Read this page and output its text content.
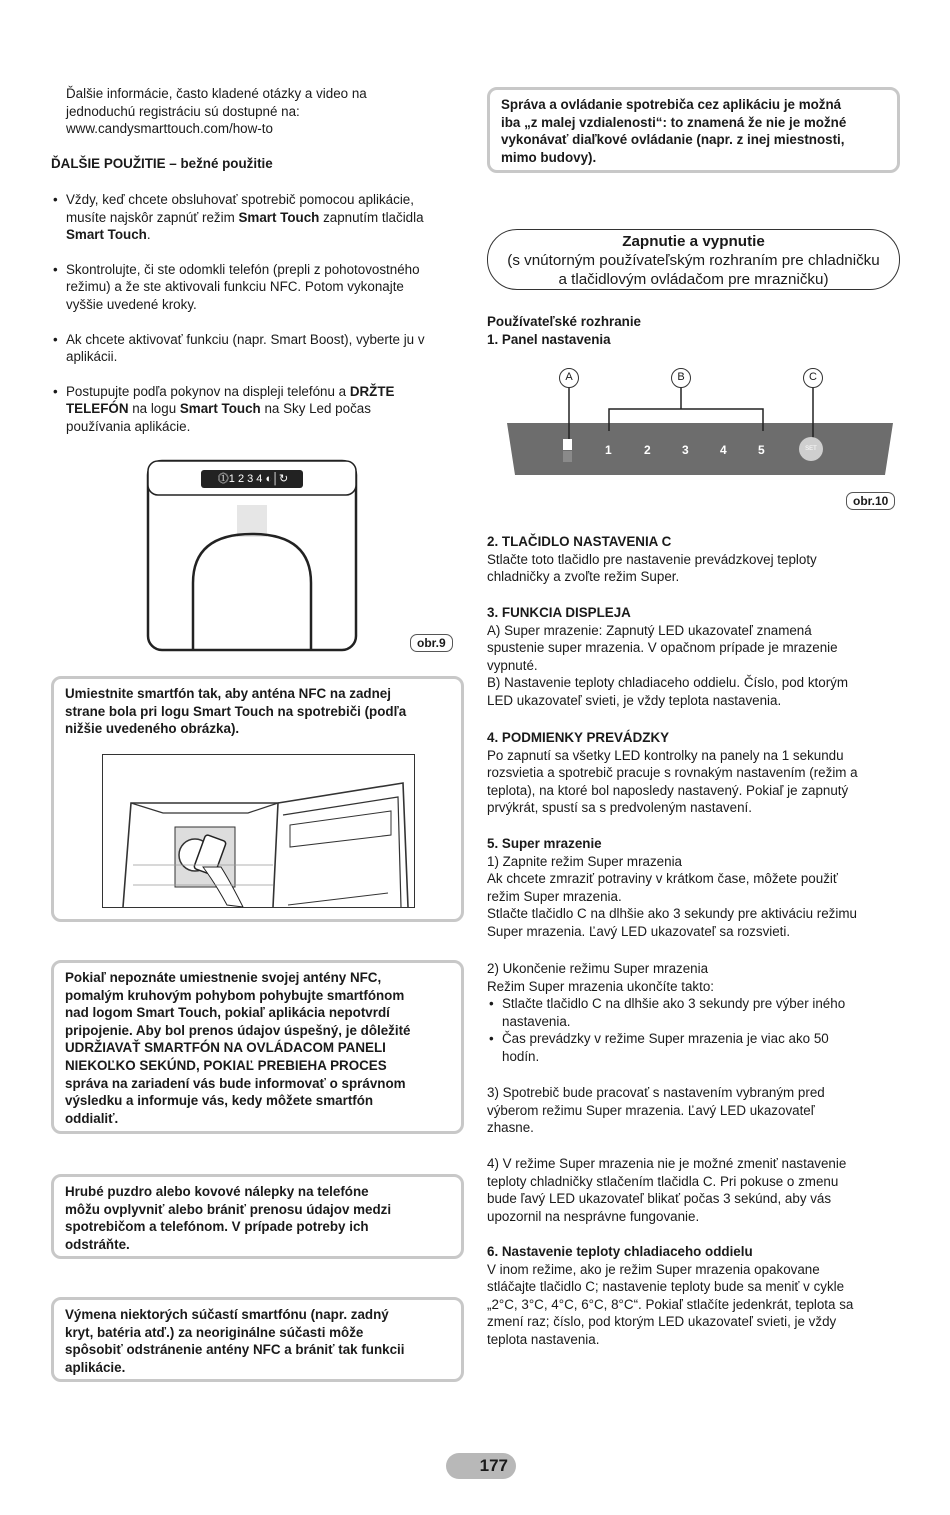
Ďalšie informácie, často kladené otázky a video na

jednoduchú registráciu sú dostupné na:

www.candysmarttouch.com/how-to

ĎALŠIE POUŽITIE – bežné použitie
• Vždy, keď chcete obsluhovať spotrebič pomocou aplikácie,
musíte najskôr zapnúť režim Smart Touch zapnutím tlačidla
Smart Touch.
• Skontrolujte, či ste odomkli telefón (prepli z pohotovostného
režimu) a že ste aktivovali funkciu NFC. Potom vykonajte
vyššie uvedené kroky.
• Ak chcete aktivovať funkciu (napr. Smart Boost), vyberte ju v
aplikácii.
• Postupujte podľa pokynov na displeji telefónu a DRŽTE
TELEFÓN na logu Smart Touch na Sky Led počas
používania aplikácie.
⓵1 2 3 4 ◐│↻
obr.9

Umiestnite smartfón tak, aby anténa NFC na zadnej

strane bola pri logu Smart Touch na spotrebiči (podľa

nižšie uvedeného obrázka).

Pokiaľ nepoznáte umiestnenie svojej antény NFC,

pomalým kruhovým pohybom pohybujte smartfónom

nad logom Smart Touch, pokiaľ aplikácia nepotvrdí

pripojenie. Aby bol prenos údajov úspešný, je dôležité

UDRŽIAVAŤ SMARTFÓN NA OVLÁDACOM PANELI

NIEKOĽKO SEKÚND, POKIAĽ PREBIEHA PROCES

správa na zariadení vás bude informovať o správnom

výsledku a informuje vás, kedy môžete smartfón

oddialiť.

Hrubé puzdro alebo kovové nálepky na telefóne

môžu ovplyvniť alebo brániť prenosu údajov medzi

spotrebičom a telefónom. V prípade potreby ich

odstráňte.

Výmena niektorých súčastí smartfónu (napr. zadný

kryt, batéria atď.) za neoriginálne súčasti môže

spôsobiť odstránenie antény NFC a brániť tak funkcii

aplikácie.

Správa a ovládanie spotrebiča cez aplikáciu je možná

iba „z malej vzdialenosti“: to znamená že nie je možné

vykonávať diaľkové ovládanie (napr. z inej miestnosti,

mimo budovy).

Zapnutie a vypnutie

(s vnútorným používateľským rozhraním pre chladničku

a tlačidlovým ovládačom pre mrazničku)

Používateľské rozhranie

1. Panel nastavenia

A	B	C
1	2	3	4	5	SET
obr.10

2. TLAČIDLO NASTAVENIA C

Stlačte toto tlačidlo pre nastavenie prevádzkovej teploty

chladničky a zvoľte režim Super.

3. FUNKCIA DISPLEJA

A) Super mrazenie: Zapnutý LED ukazovateľ znamená

spustenie super mrazenia. V opačnom prípade je mrazenie

vypnuté.

B) Nastavenie teploty chladiaceho oddielu. Číslo, pod ktorým

LED ukazovateľ svieti, je vždy teplota nastavenia.

4. PODMIENKY PREVÁDZKY

Po zapnutí sa všetky LED kontrolky na panely na 1 sekundu

rozsvietia a spotrebič pracuje s rovnakým nastavením (režim a

teplota), na ktoré bol naposledy nastavený. Pokiaľ je zapnutý

prvýkrát, spustí sa s predvoleným nastavení.

5. Super mrazenie

1) Zapnite režim Super mrazenia

Ak chcete zmraziť potraviny v krátkom čase, môžete použiť

režim Super mrazenia.

Stlačte tlačidlo C na dlhšie ako 3 sekundy pre aktiváciu režimu

Super mrazenia. Ľavý LED ukazovateľ sa rozsvieti.

2) Ukončenie režimu Super mrazenia

Režim Super mrazenia ukončíte takto:

• Stlačte tlačidlo C na dlhšie ako 3 sekundy pre výber iného
nastavenia.
• Čas prevádzky v režime Super mrazenia je viac ako 50
hodín.

3) Spotrebič bude pracovať s nastavením vybraným pred

výberom režimu Super mrazenia. Ľavý LED ukazovateľ

zhasne.

4) V režime Super mrazenia nie je možné zmeniť nastavenie

teploty chladničky stlačením tlačidla C. Pri pokuse o zmenu

bude ľavý LED ukazovateľ blikať počas 3 sekúnd, aby vás

upozornil na nesprávne fungovanie.

6. Nastavenie teploty chladiaceho oddielu

V inom režime, ako je režim Super mrazenia opakovane

stláčajte tlačidlo C; nastavenie teploty bude sa meniť v cykle

„2°C, 3°C, 4°C, 6°C, 8°C“. Pokiaľ stlačíte jedenkrát, teplota sa

zmení raz; číslo, pod ktorým LED ukazovateľ svieti, je vždy

teplota nastavenia.

177
